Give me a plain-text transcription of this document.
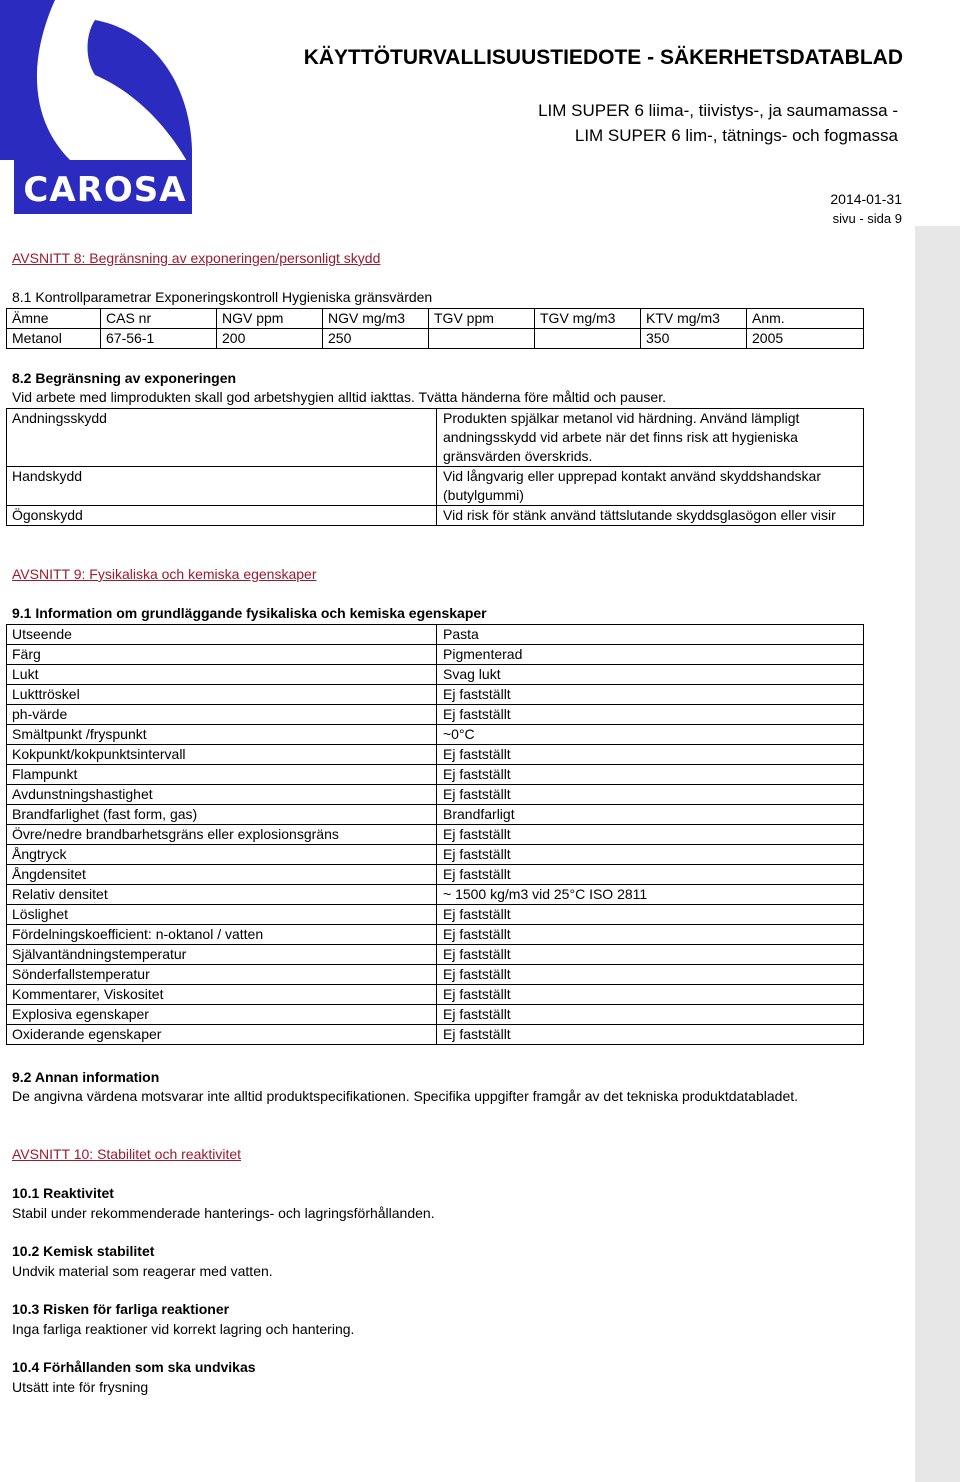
CAROSA
KÄYTTÖTURVALLISUUSTIEDOTE - SÄKERHETSDATABLAD
LIM SUPER 6 liima-, tiivistys-, ja saumamassa -
LIM SUPER 6 lim-, tätnings- och fogmassa
2014-01-31
sivu - sida 9
AVSNITT 8: Begränsning av exponeringen/personligt skydd
8.1 Kontrollparametrar Exponeringskontroll Hygieniska gränsvärden
Ämne	CAS nr	NGV ppm	NGV mg/m3	TGV ppm	TGV mg/m3	KTV mg/m3	Anm.
Metanol	67-56-1	200	250			350	2005
8.2 Begränsning av exponeringen
Vid arbete med limprodukten skall god arbetshygien alltid iakttas. Tvätta händerna före måltid och pauser.
Andningsskydd	Produkten spjälkar metanol vid härdning. Använd lämpligt
andningsskydd vid arbete när det finns risk att hygieniska
gränsvärden överskrids.

Handskydd	Vid långvarig eller upprepad kontakt använd skyddshandskar
(butylgummi)

Ögonskydd	Vid risk för stänk använd tättslutande skyddsglasögon eller visir
AVSNITT 9: Fysikaliska och kemiska egenskaper
9.1 Information om grundläggande fysikaliska och kemiska egenskaper
Utseende	Pasta
Färg	Pigmenterad
Lukt	Svag lukt
Lukttröskel	Ej fastställt
ph-värde	Ej fastställt
Smältpunkt /fryspunkt	~0°C
Kokpunkt/kokpunktsintervall	Ej fastställt
Flampunkt	Ej fastställt
Avdunstningshastighet	Ej fastställt
Brandfarlighet (fast form, gas)	Brandfarligt
Övre/nedre brandbarhetsgräns eller explosionsgräns	Ej fastställt
Ångtryck	Ej fastställt
Ångdensitet	Ej fastställt
Relativ densitet	~ 1500 kg/m3 vid 25°C ISO 2811
Löslighet	Ej fastställt
Fördelningskoefficient: n-oktanol / vatten	Ej fastställt
Självantändningstemperatur	Ej fastställt
Sönderfallstemperatur	Ej fastställt
Kommentarer, Viskositet	Ej fastställt
Explosiva egenskaper	Ej fastställt
Oxiderande egenskaper	Ej fastställt
9.2 Annan information
De angivna värdena motsvarar inte alltid produktspecifikationen. Specifika uppgifter framgår av det tekniska produktdatabladet.
AVSNITT 10: Stabilitet och reaktivitet
10.1 Reaktivitet
Stabil under rekommenderade hanterings- och lagringsförhållanden.
10.2 Kemisk stabilitet
Undvik material som reagerar med vatten.
10.3 Risken för farliga reaktioner
Inga farliga reaktioner vid korrekt lagring och hantering.
10.4 Förhållanden som ska undvikas
Utsätt inte för frysning
